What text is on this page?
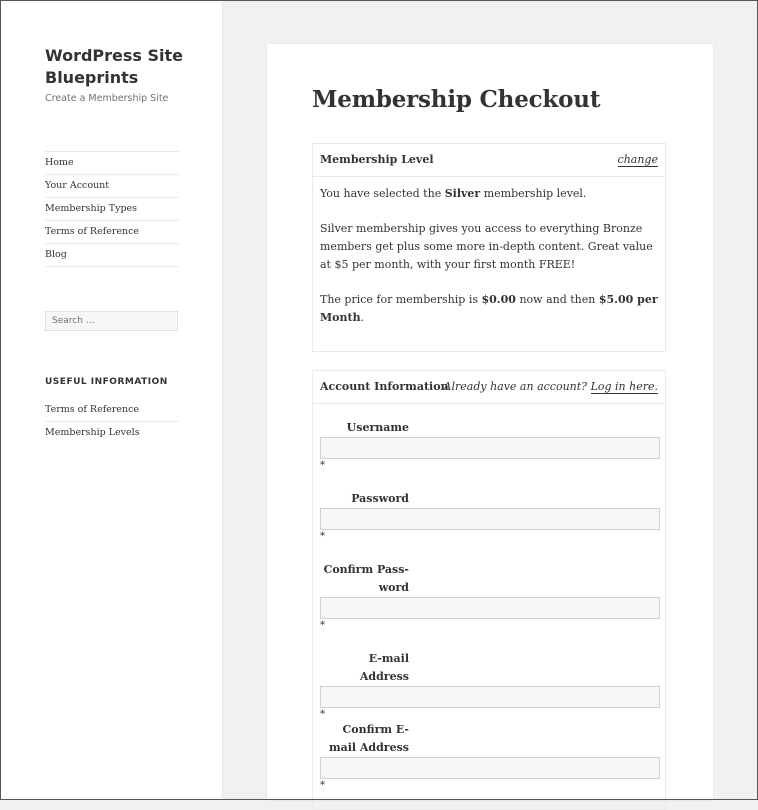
WordPress Site Blueprints
Create a Membership Site
Home
Your Account
Membership Types
Terms of Reference
Blog
Search …
USEFUL INFORMATION
Terms of Reference
Membership Levels
Membership Checkout
Membership Level	change

You have selected the Silver membership level.

Silver membership gives you access to everything Bronze members get plus some more in-depth content. Great value at $5 per month, with your first month FREE!

The price for membership is $0.00 now and then $5.00 per Month.

Account Information
Already have an account? Log in here.
Username
*
Password
*
Confirm Pass- word
*
E-mail Address
*
Confirm E-mail Address
*
